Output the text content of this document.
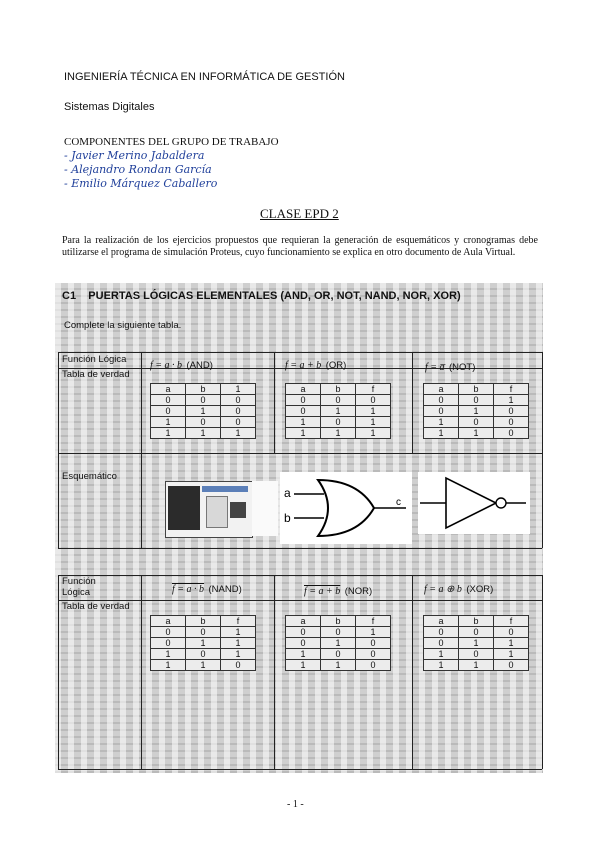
INGENIERÍA TÉCNICA EN INFORMÁTICA DE GESTIÓN
Sistemas Digitales
COMPONENTES DEL GRUPO DE TRABAJO
- Javier Merino Jabaldera
- Alejandro Rondan García
- Emilio Márquez Caballero
CLASE EPD 2
Para la realización de los ejercicios propuestos que requieran la generación de esquemáticos y cronogramas debe utilizarse el programa de simulación Proteus, cuyo funcionamiento se explica en otro documento de Aula Virtual.
C1    PUERTAS LÓGICAS ELEMENTALES (AND, OR, NOT, NAND, NOR, XOR)
Complete la siguiente tabla.
Función Lógica
Tabla de verdad
Esquemático
f = a · b (AND)	f = a + b (OR)	f = a̅ (NOT)
a	b	1
0	0	0
0	1	0
1	0	0
1	1	1
a	b	f
0	0	0
0	1	1
1	0	1
1	1	1
a	b	f
0	0	1
0	1	0
1	0	0
1	1	0
a
b
c
Función
Lógica
Tabla de verdad
f = a · b (NAND)	f = a + b (NOR)	f = a ⊕ b (XOR)
a	b	f
0	0	1
0	1	1
1	0	1
1	1	0
a	b	f
0	0	1
0	1	0
1	0	0
1	1	0
a	b	f
0	0	0
0	1	1
1	0	1
1	1	0
- 1 -
